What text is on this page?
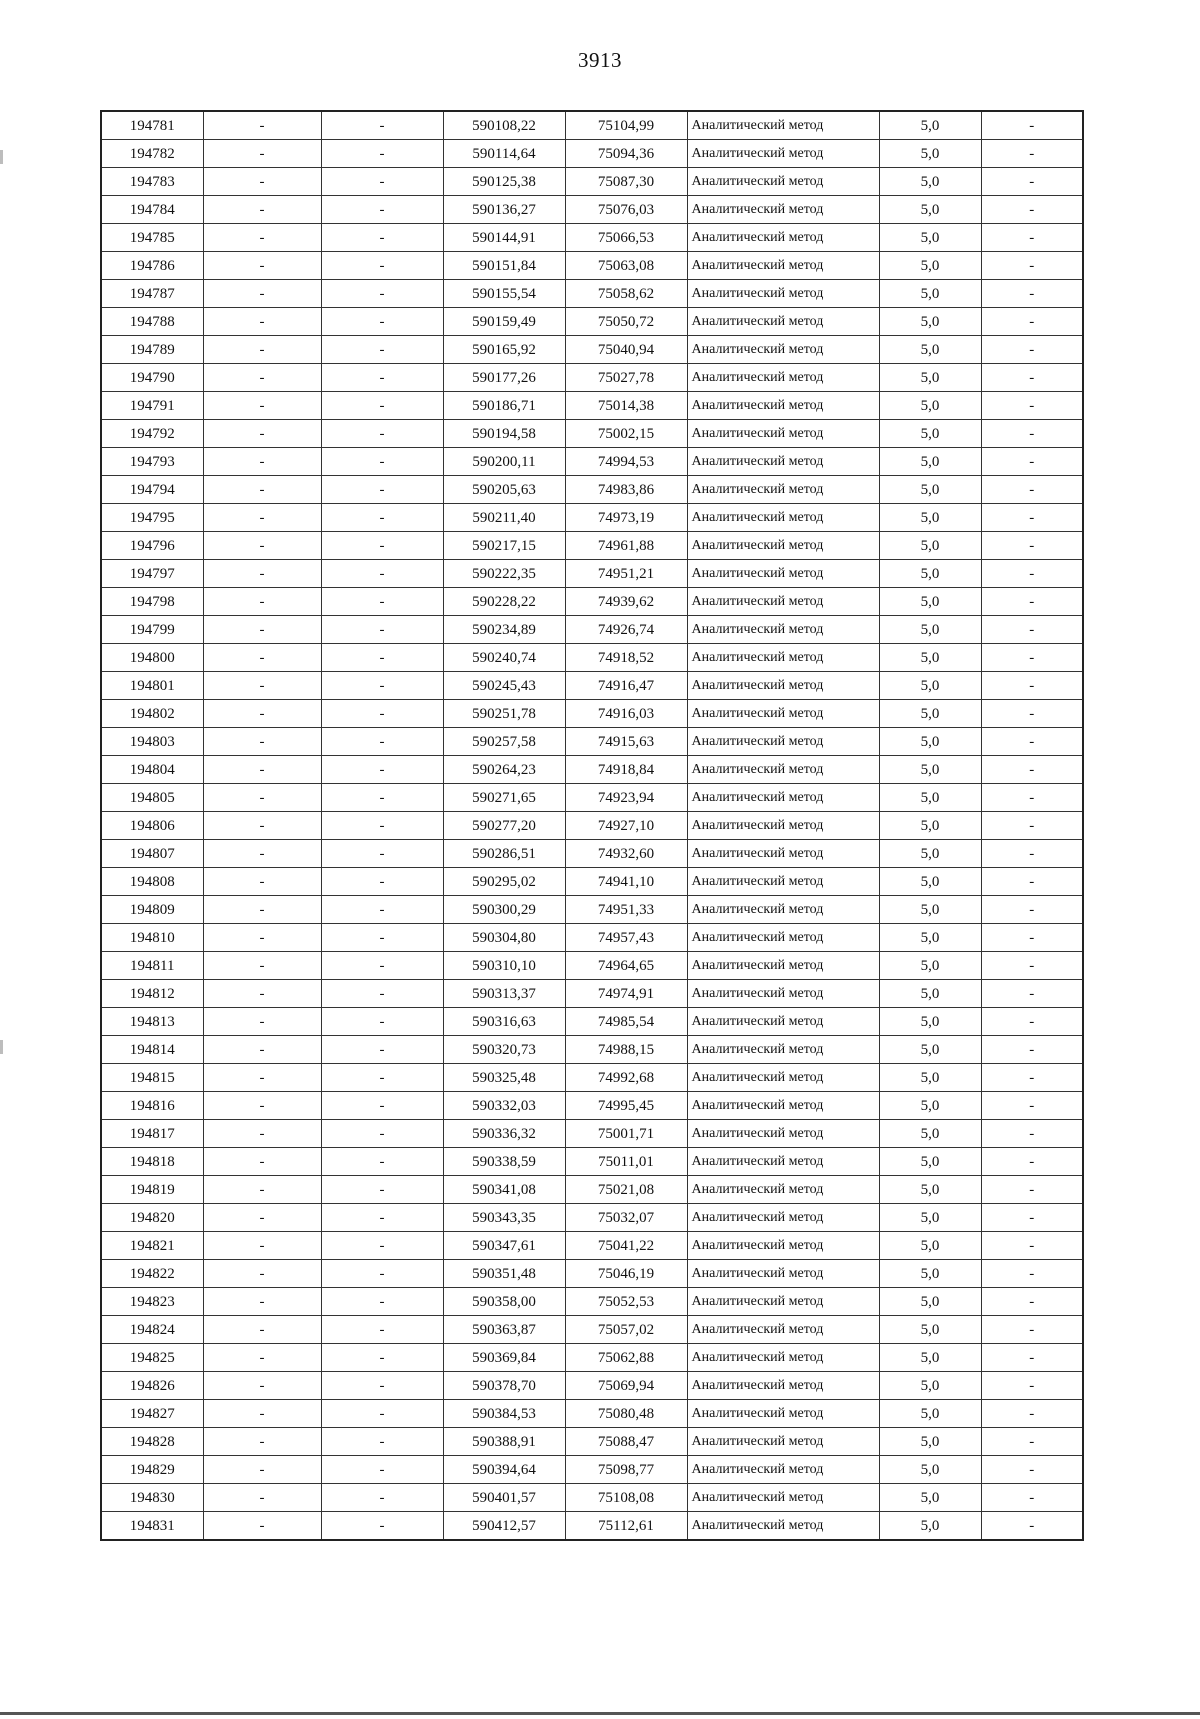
3913
194781	-	-	590108,22	75104,99	Аналитический метод	5,0	-
194782	-	-	590114,64	75094,36	Аналитический метод	5,0	-
194783	-	-	590125,38	75087,30	Аналитический метод	5,0	-
194784	-	-	590136,27	75076,03	Аналитический метод	5,0	-
194785	-	-	590144,91	75066,53	Аналитический метод	5,0	-
194786	-	-	590151,84	75063,08	Аналитический метод	5,0	-
194787	-	-	590155,54	75058,62	Аналитический метод	5,0	-
194788	-	-	590159,49	75050,72	Аналитический метод	5,0	-
194789	-	-	590165,92	75040,94	Аналитический метод	5,0	-
194790	-	-	590177,26	75027,78	Аналитический метод	5,0	-
194791	-	-	590186,71	75014,38	Аналитический метод	5,0	-
194792	-	-	590194,58	75002,15	Аналитический метод	5,0	-
194793	-	-	590200,11	74994,53	Аналитический метод	5,0	-
194794	-	-	590205,63	74983,86	Аналитический метод	5,0	-
194795	-	-	590211,40	74973,19	Аналитический метод	5,0	-
194796	-	-	590217,15	74961,88	Аналитический метод	5,0	-
194797	-	-	590222,35	74951,21	Аналитический метод	5,0	-
194798	-	-	590228,22	74939,62	Аналитический метод	5,0	-
194799	-	-	590234,89	74926,74	Аналитический метод	5,0	-
194800	-	-	590240,74	74918,52	Аналитический метод	5,0	-
194801	-	-	590245,43	74916,47	Аналитический метод	5,0	-
194802	-	-	590251,78	74916,03	Аналитический метод	5,0	-
194803	-	-	590257,58	74915,63	Аналитический метод	5,0	-
194804	-	-	590264,23	74918,84	Аналитический метод	5,0	-
194805	-	-	590271,65	74923,94	Аналитический метод	5,0	-
194806	-	-	590277,20	74927,10	Аналитический метод	5,0	-
194807	-	-	590286,51	74932,60	Аналитический метод	5,0	-
194808	-	-	590295,02	74941,10	Аналитический метод	5,0	-
194809	-	-	590300,29	74951,33	Аналитический метод	5,0	-
194810	-	-	590304,80	74957,43	Аналитический метод	5,0	-
194811	-	-	590310,10	74964,65	Аналитический метод	5,0	-
194812	-	-	590313,37	74974,91	Аналитический метод	5,0	-
194813	-	-	590316,63	74985,54	Аналитический метод	5,0	-
194814	-	-	590320,73	74988,15	Аналитический метод	5,0	-
194815	-	-	590325,48	74992,68	Аналитический метод	5,0	-
194816	-	-	590332,03	74995,45	Аналитический метод	5,0	-
194817	-	-	590336,32	75001,71	Аналитический метод	5,0	-
194818	-	-	590338,59	75011,01	Аналитический метод	5,0	-
194819	-	-	590341,08	75021,08	Аналитический метод	5,0	-
194820	-	-	590343,35	75032,07	Аналитический метод	5,0	-
194821	-	-	590347,61	75041,22	Аналитический метод	5,0	-
194822	-	-	590351,48	75046,19	Аналитический метод	5,0	-
194823	-	-	590358,00	75052,53	Аналитический метод	5,0	-
194824	-	-	590363,87	75057,02	Аналитический метод	5,0	-
194825	-	-	590369,84	75062,88	Аналитический метод	5,0	-
194826	-	-	590378,70	75069,94	Аналитический метод	5,0	-
194827	-	-	590384,53	75080,48	Аналитический метод	5,0	-
194828	-	-	590388,91	75088,47	Аналитический метод	5,0	-
194829	-	-	590394,64	75098,77	Аналитический метод	5,0	-
194830	-	-	590401,57	75108,08	Аналитический метод	5,0	-
194831	-	-	590412,57	75112,61	Аналитический метод	5,0	-
